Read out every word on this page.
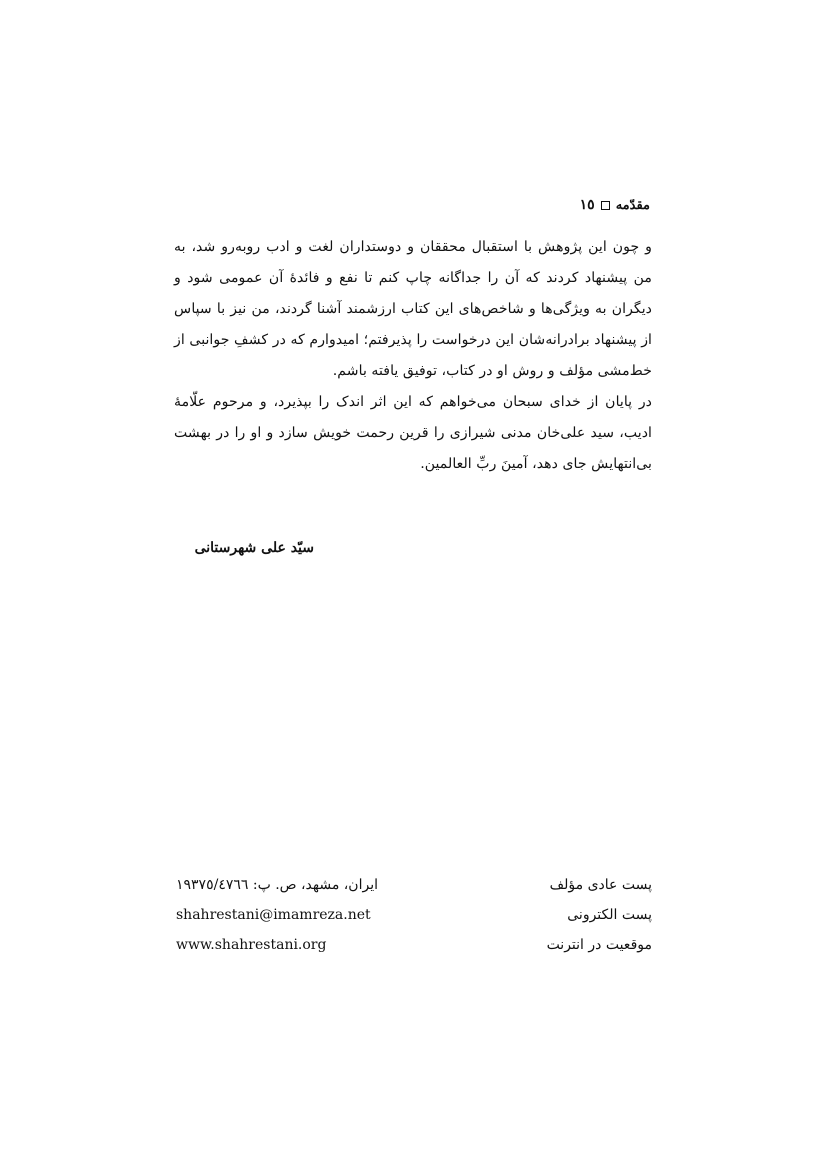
مقدّمه
١٥

و چون این پژوهش با استقبال محققان و دوستداران لغت و ادب روبه‌رو شد، به من پیشنهاد کردند که آن را جداگانه چاپ کنم تا نفع و فائدهٔ آن عمومی شود و دیگران به ویژگی‌ها و شاخص‌های این کتاب ارزشمند آشنا گردند، من نیز با سپاس از پیشنهاد برادرانه‌شان این درخواست را پذیرفتم؛ امیدوارم که در کشفِ جوانبی از خط‌مشی مؤلف و روش او در کتاب، توفیق یافته باشم.

در پایان از خدای سبحان می‌خواهم که این اثر اندک را بپذیرد، و مرحوم علّامهٔ ادیب، سید علی‌خان مدنی شیرازی را قرین رحمت خویش سازد و او را در بهشت بی‌انتهایش جای دهد، آمینَ ربِّ العالمین.

سیّد علی شهرستانی
پست عادی مؤلف
ایران، مشهد، ص. پ: ١٩٣٧٥/٤٧٦٦
پست الکترونی
shahrestani@imamreza.net
موقعیت در انترنت
www.shahrestani.org
